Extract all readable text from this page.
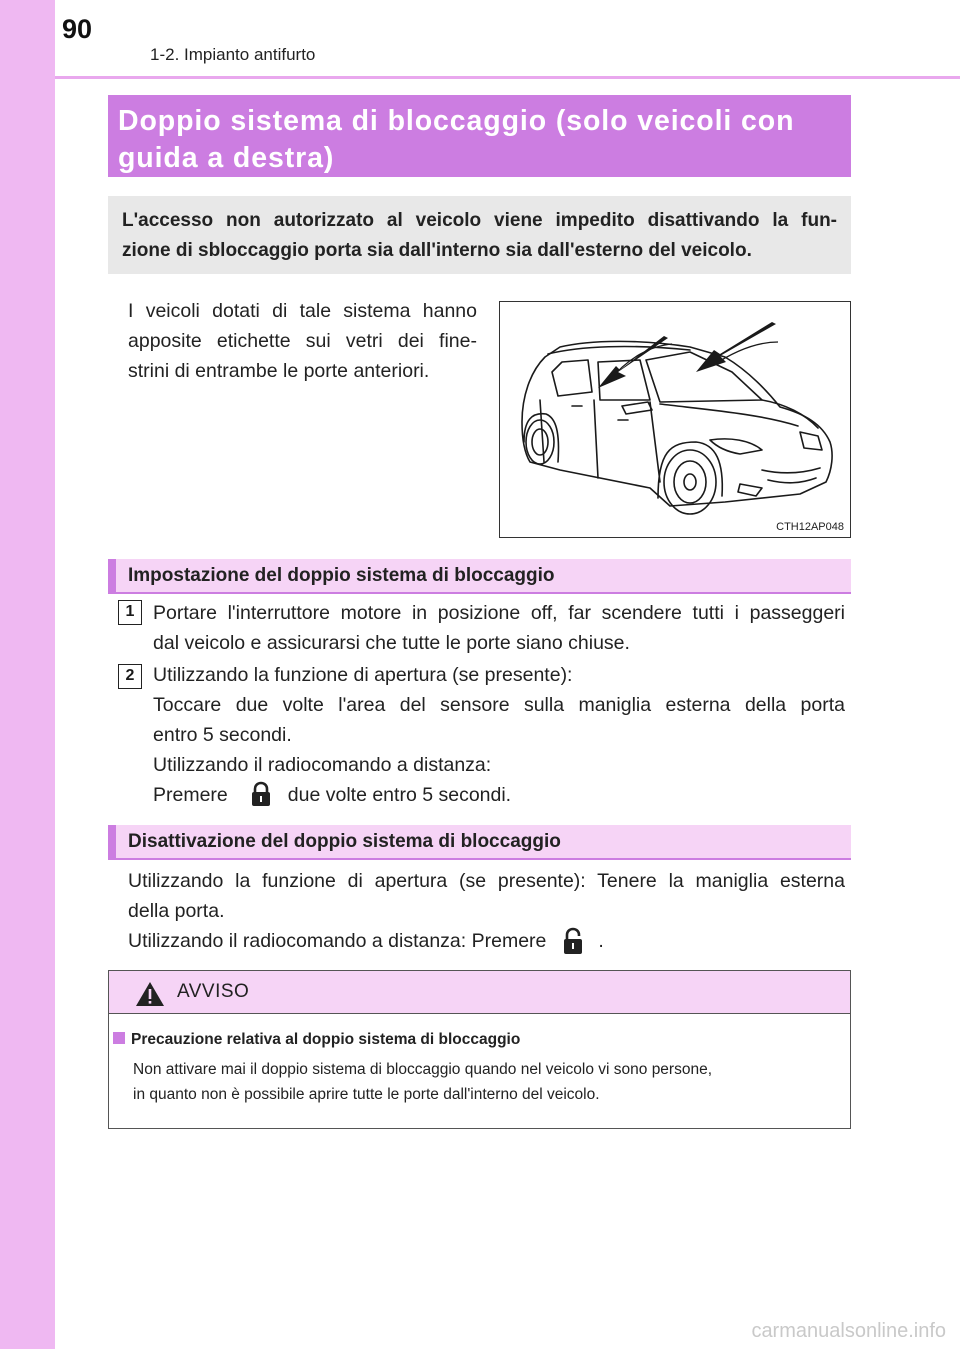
90
1-2. Impianto antifurto
Doppio sistema di bloccaggio (solo veicoli con guida a destra)
L'accesso non autorizzato al veicolo viene impedito disattivando la fun-
zione di sbloccaggio porta sia dall'interno sia dall'esterno del veicolo.
I veicoli dotati di tale sistema hanno
apposite etichette sui vetri dei fine-
strini di entrambe le porte anteriori.
CTH12AP048
Impostazione del doppio sistema di bloccaggio
1 Portare l'interruttore motore in posizione off, far scendere tutti i passeggeri
dal veicolo e assicurarsi che tutte le porte siano chiuse.
2 Utilizzando la funzione di apertura (se presente):
Toccare due volte l'area del sensore sulla maniglia esterna della porta
entro 5 secondi.
Utilizzando il radiocomando a distanza:
Premere	due volte entro 5 secondi.
Disattivazione del doppio sistema di bloccaggio
Utilizzando la funzione di apertura (se presente): Tenere la maniglia esterna
della porta.
Utilizzando il radiocomando a distanza: Premere	.
AVVISO
Precauzione relativa al doppio sistema di bloccaggio
Non attivare mai il doppio sistema di bloccaggio quando nel veicolo vi sono persone,
in quanto non è possibile aprire tutte le porte dall'interno del veicolo.
carmanualsonline.info
